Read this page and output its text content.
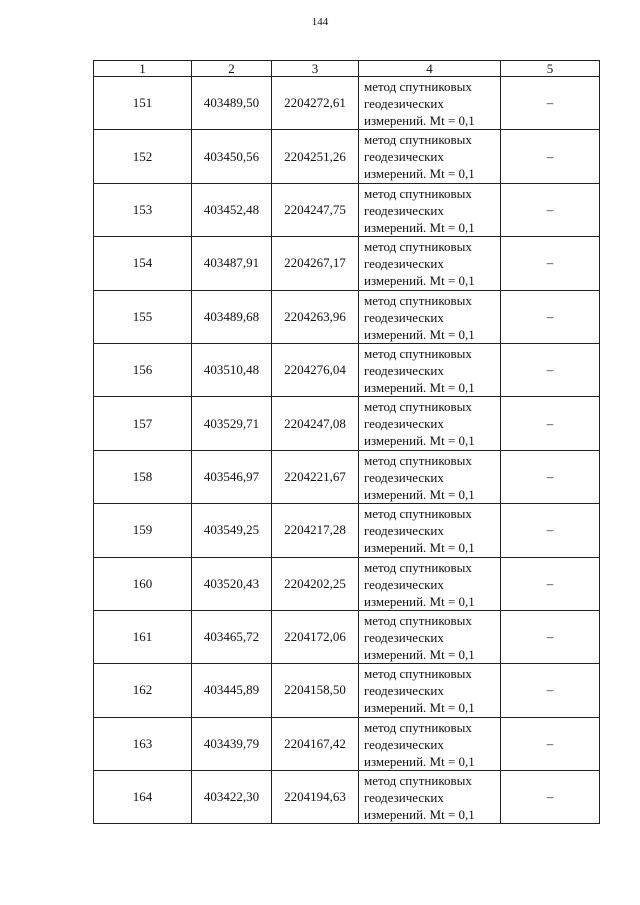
144
1	2	3	4	5
151	403489,50	2204272,61	метод спутниковых
геодезических
измерений. Mt = 0,1	–
152	403450,56	2204251,26	метод спутниковых
геодезических
измерений. Mt = 0,1	–
153	403452,48	2204247,75	метод спутниковых
геодезических
измерений. Mt = 0,1	–
154	403487,91	2204267,17	метод спутниковых
геодезических
измерений. Mt = 0,1	–
155	403489,68	2204263,96	метод спутниковых
геодезических
измерений. Mt = 0,1	–
156	403510,48	2204276,04	метод спутниковых
геодезических
измерений. Mt = 0,1	–
157	403529,71	2204247,08	метод спутниковых
геодезических
измерений. Mt = 0,1	–
158	403546,97	2204221,67	метод спутниковых
геодезических
измерений. Mt = 0,1	–
159	403549,25	2204217,28	метод спутниковых
геодезических
измерений. Mt = 0,1	–
160	403520,43	2204202,25	метод спутниковых
геодезических
измерений. Mt = 0,1	–
161	403465,72	2204172,06	метод спутниковых
геодезических
измерений. Mt = 0,1	–
162	403445,89	2204158,50	метод спутниковых
геодезических
измерений. Mt = 0,1	–
163	403439,79	2204167,42	метод спутниковых
геодезических
измерений. Mt = 0,1	–
164	403422,30	2204194,63	метод спутниковых
геодезических
измерений. Mt = 0,1	–
